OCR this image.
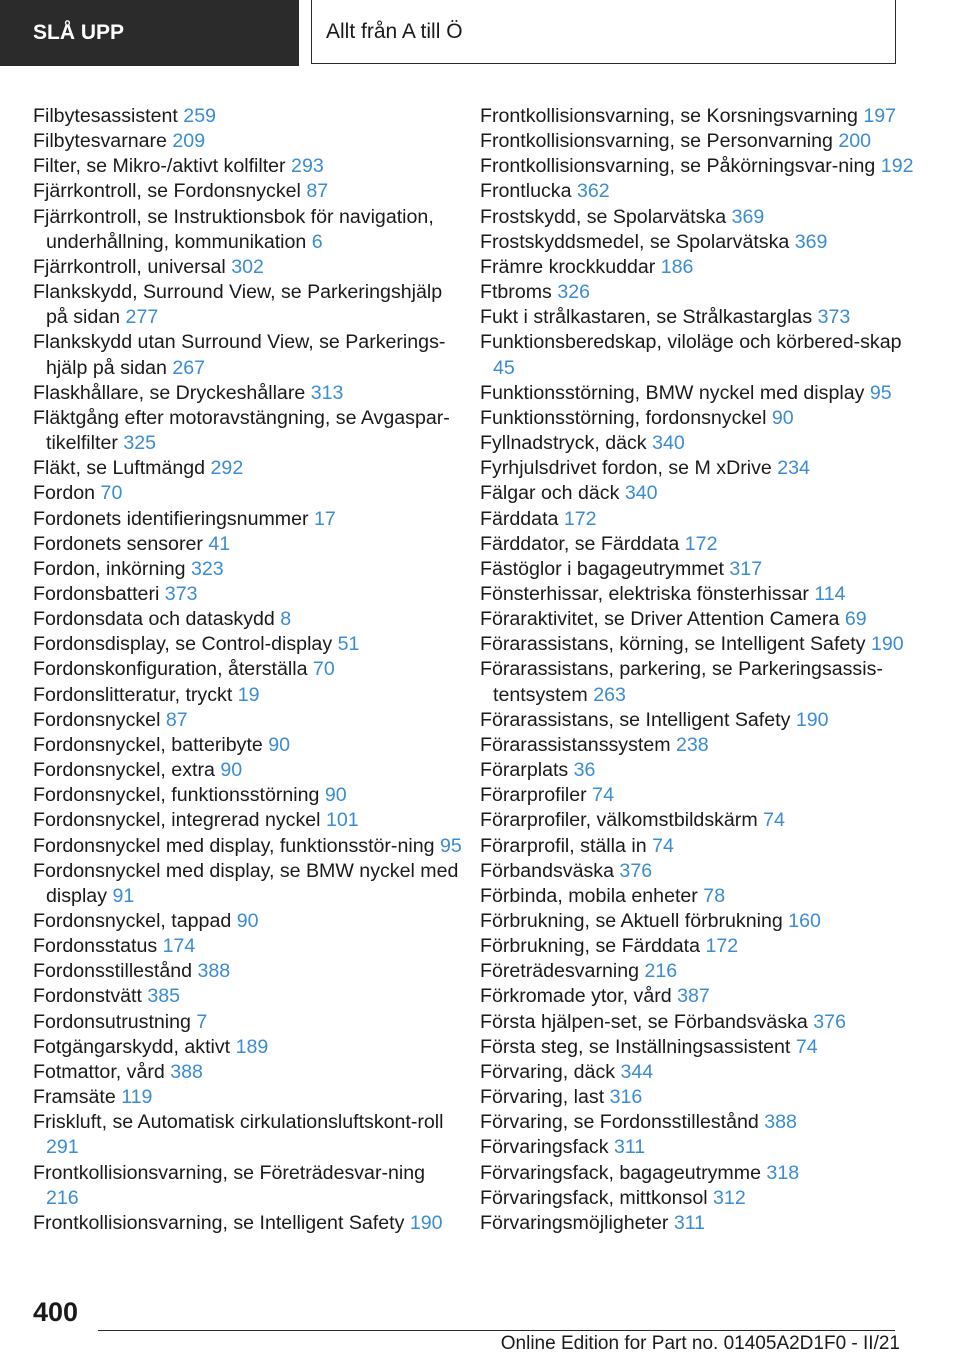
SLÅ UPP	Allt från A till Ö

Filbytesassistent 259

Filbytesvarnare 209

Filter, se Mikro-/aktivt kolfilter 293

Fjärrkontroll, se Fordonsnyckel 87

Fjärrkontroll, se Instruktionsbok för navigation, underhållning, kommunikation 6

Fjärrkontroll, universal 302

Flankskydd, Surround View, se Parkeringshjälp på sidan 277

Flankskydd utan Surround View, se Parkerings-hjälp på sidan 267

Flaskhållare, se Dryckeshållare 313

Fläktgång efter motoravstängning, se Avgaspar-tikelfilter 325

Fläkt, se Luftmängd 292

Fordon 70

Fordonets identifieringsnummer 17

Fordonets sensorer 41

Fordon, inkörning 323

Fordonsbatteri 373

Fordonsdata och dataskydd 8

Fordonsdisplay, se Control-display 51

Fordonskonfiguration, återställa 70

Fordonslitteratur, tryckt 19

Fordonsnyckel 87

Fordonsnyckel, batteribyte 90

Fordonsnyckel, extra 90

Fordonsnyckel, funktionsstörning 90

Fordonsnyckel, integrerad nyckel 101

Fordonsnyckel med display, funktionsstör-ning 95

Fordonsnyckel med display, se BMW nyckel med display 91

Fordonsnyckel, tappad 90

Fordonsstatus 174

Fordonsstillestånd 388

Fordonstvätt 385

Fordonsutrustning 7

Fotgängarskydd, aktivt 189

Fotmattor, vård 388

Framsäte 119

Friskluft, se Automatisk cirkulationsluftskont-roll 291

Frontkollisionsvarning, se Företrädesvar-ning 216

Frontkollisionsvarning, se Intelligent Safety 190

Frontkollisionsvarning, se Korsningsvarning 197

Frontkollisionsvarning, se Personvarning 200

Frontkollisionsvarning, se Påkörningsvar-ning 192

Frontlucka 362

Frostskydd, se Spolarvätska 369

Frostskyddsmedel, se Spolarvätska 369

Främre krockkuddar 186

Ftbroms 326

Fukt i strålkastaren, se Strålkastarglas 373

Funktionsberedskap, viloläge och körbered-skap 45

Funktionsstörning, BMW nyckel med display 95

Funktionsstörning, fordonsnyckel 90

Fyllnadstryck, däck 340

Fyrhjulsdrivet fordon, se M xDrive 234

Fälgar och däck 340

Färddata 172

Färddator, se Färddata 172

Fästöglor i bagageutrymmet 317

Fönsterhissar, elektriska fönsterhissar 114

Föraraktivitet, se Driver Attention Camera 69

Förarassistans, körning, se Intelligent Safety 190

Förarassistans, parkering, se Parkeringsassis-tentsystem 263

Förarassistans, se Intelligent Safety 190

Förarassistanssystem 238

Förarplats 36

Förarprofiler 74

Förarprofiler, välkomstbildskärm 74

Förarprofil, ställa in 74

Förbandsväska 376

Förbinda, mobila enheter 78

Förbrukning, se Aktuell förbrukning 160

Förbrukning, se Färddata 172

Företrädesvarning 216

Förkromade ytor, vård 387

Första hjälpen-set, se Förbandsväska 376

Första steg, se Inställningsassistent 74

Förvaring, däck 344

Förvaring, last 316

Förvaring, se Fordonsstillestånd 388

Förvaringsfack 311

Förvaringsfack, bagageutrymme 318

Förvaringsfack, mittkonsol 312

Förvaringsmöjligheter 311

400
Online Edition for Part no. 01405A2D1F0 - II/21
